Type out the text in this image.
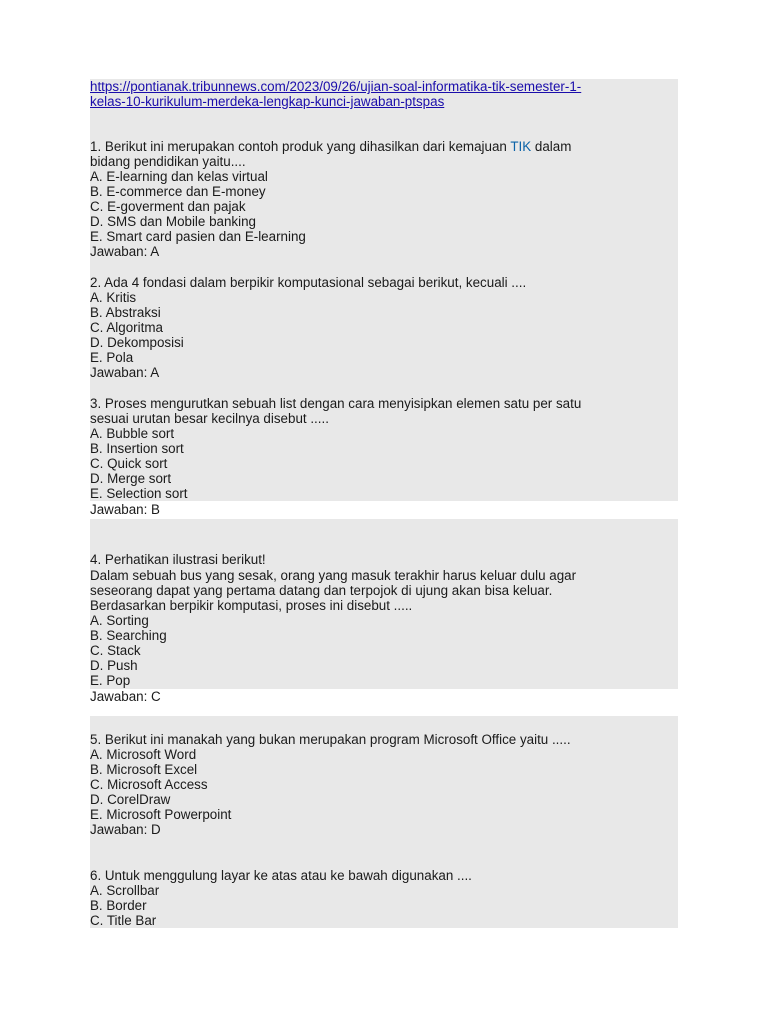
https://pontianak.tribunnews.com/2023/09/26/ujian-soal-informatika-tik-semester-1-
kelas-10-kurikulum-merdeka-lengkap-kunci-jawaban-ptspas
1. Berikut ini merupakan contoh produk yang dihasilkan dari kemajuan TIK dalam
bidang pendidikan yaitu....
A. E-learning dan kelas virtual
B. E-commerce dan E-money
C. E-goverment dan pajak
D. SMS dan Mobile banking
E. Smart card pasien dan E-learning
Jawaban: A
2. Ada 4 fondasi dalam berpikir komputasional sebagai berikut, kecuali ....
A. Kritis
B. Abstraksi
C. Algoritma
D. Dekomposisi
E. Pola
Jawaban: A
3. Proses mengurutkan sebuah list dengan cara menyisipkan elemen satu per satu
sesuai urutan besar kecilnya disebut .....
A. Bubble sort
B. Insertion sort
C. Quick sort
D. Merge sort
E. Selection sort
Jawaban: B
4. Perhatikan ilustrasi berikut!
Dalam sebuah bus yang sesak, orang yang masuk terakhir harus keluar dulu agar
seseorang dapat yang pertama datang dan terpojok di ujung akan bisa keluar.
Berdasarkan berpikir komputasi, proses ini disebut .....
A. Sorting
B. Searching
C. Stack
D. Push
E. Pop
Jawaban: C
5. Berikut ini manakah yang bukan merupakan program Microsoft Office yaitu .....
A. Microsoft Word
B. Microsoft Excel
C. Microsoft Access
D. CorelDraw
E. Microsoft Powerpoint
Jawaban: D
6. Untuk menggulung layar ke atas atau ke bawah digunakan ....
A. Scrollbar
B. Border
C. Title Bar
